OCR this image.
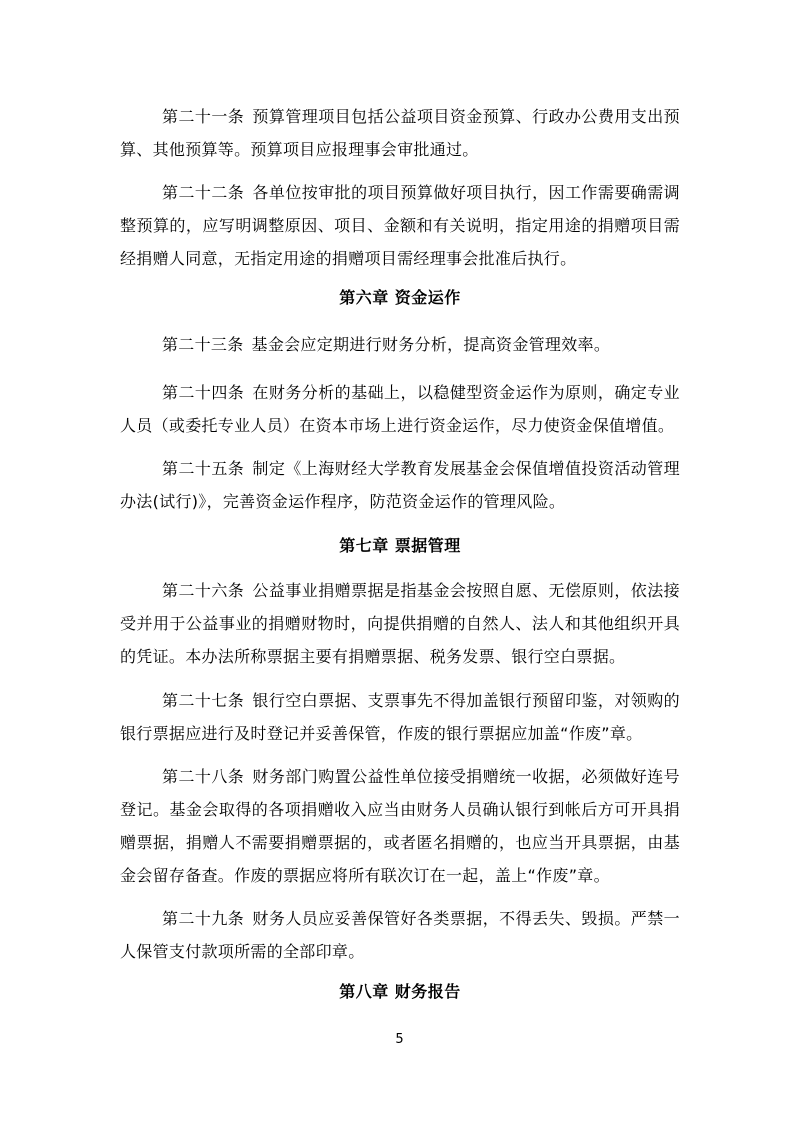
第二十一条 预算管理项目包括公益项目资金预算、行政办公费用支出预算、其他预算等。预算项目应报理事会审批通过。

第二十二条 各单位按审批的项目预算做好项目执行，因工作需要确需调整预算的，应写明调整原因、项目、金额和有关说明，指定用途的捐赠项目需经捐赠人同意，无指定用途的捐赠项目需经理事会批准后执行。

第六章 资金运作

第二十三条 基金会应定期进行财务分析，提高资金管理效率。

第二十四条 在财务分析的基础上，以稳健型资金运作为原则，确定专业人员（或委托专业人员）在资本市场上进行资金运作，尽力使资金保值增值。

第二十五条 制定《上海财经大学教育发展基金会保值增值投资活动管理办法(试行)》，完善资金运作程序，防范资金运作的管理风险。

第七章 票据管理

第二十六条 公益事业捐赠票据是指基金会按照自愿、无偿原则，依法接受并用于公益事业的捐赠财物时，向提供捐赠的自然人、法人和其他组织开具的凭证。本办法所称票据主要有捐赠票据、税务发票、银行空白票据。

第二十七条 银行空白票据、支票事先不得加盖银行预留印鉴，对领购的银行票据应进行及时登记并妥善保管，作废的银行票据应加盖“作废”章。

第二十八条 财务部门购置公益性单位接受捐赠统一收据，必须做好连号登记。基金会取得的各项捐赠收入应当由财务人员确认银行到帐后方可开具捐赠票据，捐赠人不需要捐赠票据的，或者匿名捐赠的，也应当开具票据，由基金会留存备查。作废的票据应将所有联次订在一起，盖上“作废”章。

第二十九条 财务人员应妥善保管好各类票据，不得丢失、毁损。严禁一人保管支付款项所需的全部印章。

第八章 财务报告
5
